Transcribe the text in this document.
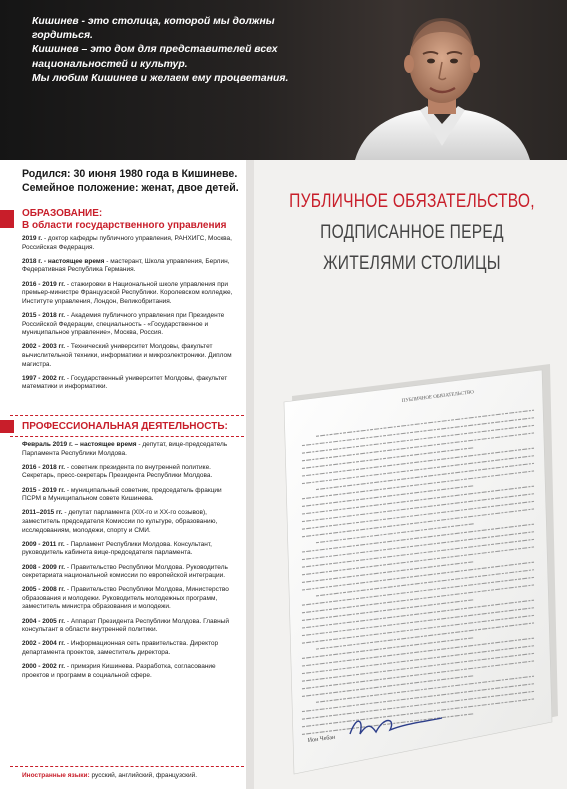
Кишинев - это столица, которой мы должны гордиться.
Кишинев – это дом для представителей всех
национальностей и культур.
Мы любим Кишинев и желаем ему процветания.
Родился: 30 июня 1980 года в Кишиневе.
Семейное положение: женат, двое детей.
ОБРАЗОВАНИЕ:
В области государственного управления
2019 г. - доктор кафедры публичного управления, РАНХИГС, Москва, Российская Федерация.
2018 г. - настоящее время - мастерант, Школа управления, Берлин, Федеративная Республика Германия.
2016 - 2019 гг. - стажировки в Национальной школе управления при премьер-министре Французской Республики. Королевском колледже, Институте управления, Лондон, Великобритания.
2015 - 2018 гг. - Академия публичного управления при Президенте Российской Федерации, специальность - «Государственное и муниципальное управление», Москва, Россия.
2002 - 2003 гг. - Технический университет Молдовы, факультет вычислительной техники, информатики и микроэлектроники. Диплом магистра.
1997 - 2002 гг. - Государственный университет Молдовы, факультет математики и информатики.
ПРОФЕССИОНАЛЬНАЯ ДЕЯТЕЛЬНОСТЬ:
Февраль 2019 г. – настоящее время - депутат, вице-председатель Парламента Республики Молдова.
2016 - 2018 гг. - советник президента по внутренней политике. Секретарь, пресс-секретарь Президента Республики Молдова.
2015 - 2019 гг. - муниципальный советник, председатель фракции ПСРМ в Муниципальном совете Кишинева.
2011–2015 гг. - депутат парламента (XIX-го и XX-го созывов), заместитель председателя Комиссии по культуре, образованию, исследованиям, молодежи, спорту и СМИ.
2009 - 2011 гг. - Парламент Республики Молдова. Консультант, руководитель кабинета вице-председателя парламента.
2008 - 2009 гг. - Правительство Республики Молдова. Руководитель секретариата национальной комиссии по европейской интеграции.
2005 - 2008 гг. - Правительство Республики Молдова, Министерство образования и молодежи. Руководитель молодежных программ, заместитель министра образования и молодежи.
2004 - 2005 гг. - Аппарат Президента Республики Молдова. Главный консультант в области внутренней политики.
2002 - 2004 гг. - Информационная сеть правительства. Директор департамента проектов, заместитель директора.
2000 - 2002 гг. - примэрия Кишинева. Разработка, согласование проектов и программ в социальной сфере.
Иностранные языки: русский, английский, французский.
ПУБЛИЧНОЕ ОБЯЗАТЕЛЬСТВО,
ПОДПИСАННОЕ ПЕРЕД
ЖИТЕЛЯМИ СТОЛИЦЫ
ПУБЛИЧНОЕ ОБЯЗАТЕЛЬСТВО
Ион Чебан
